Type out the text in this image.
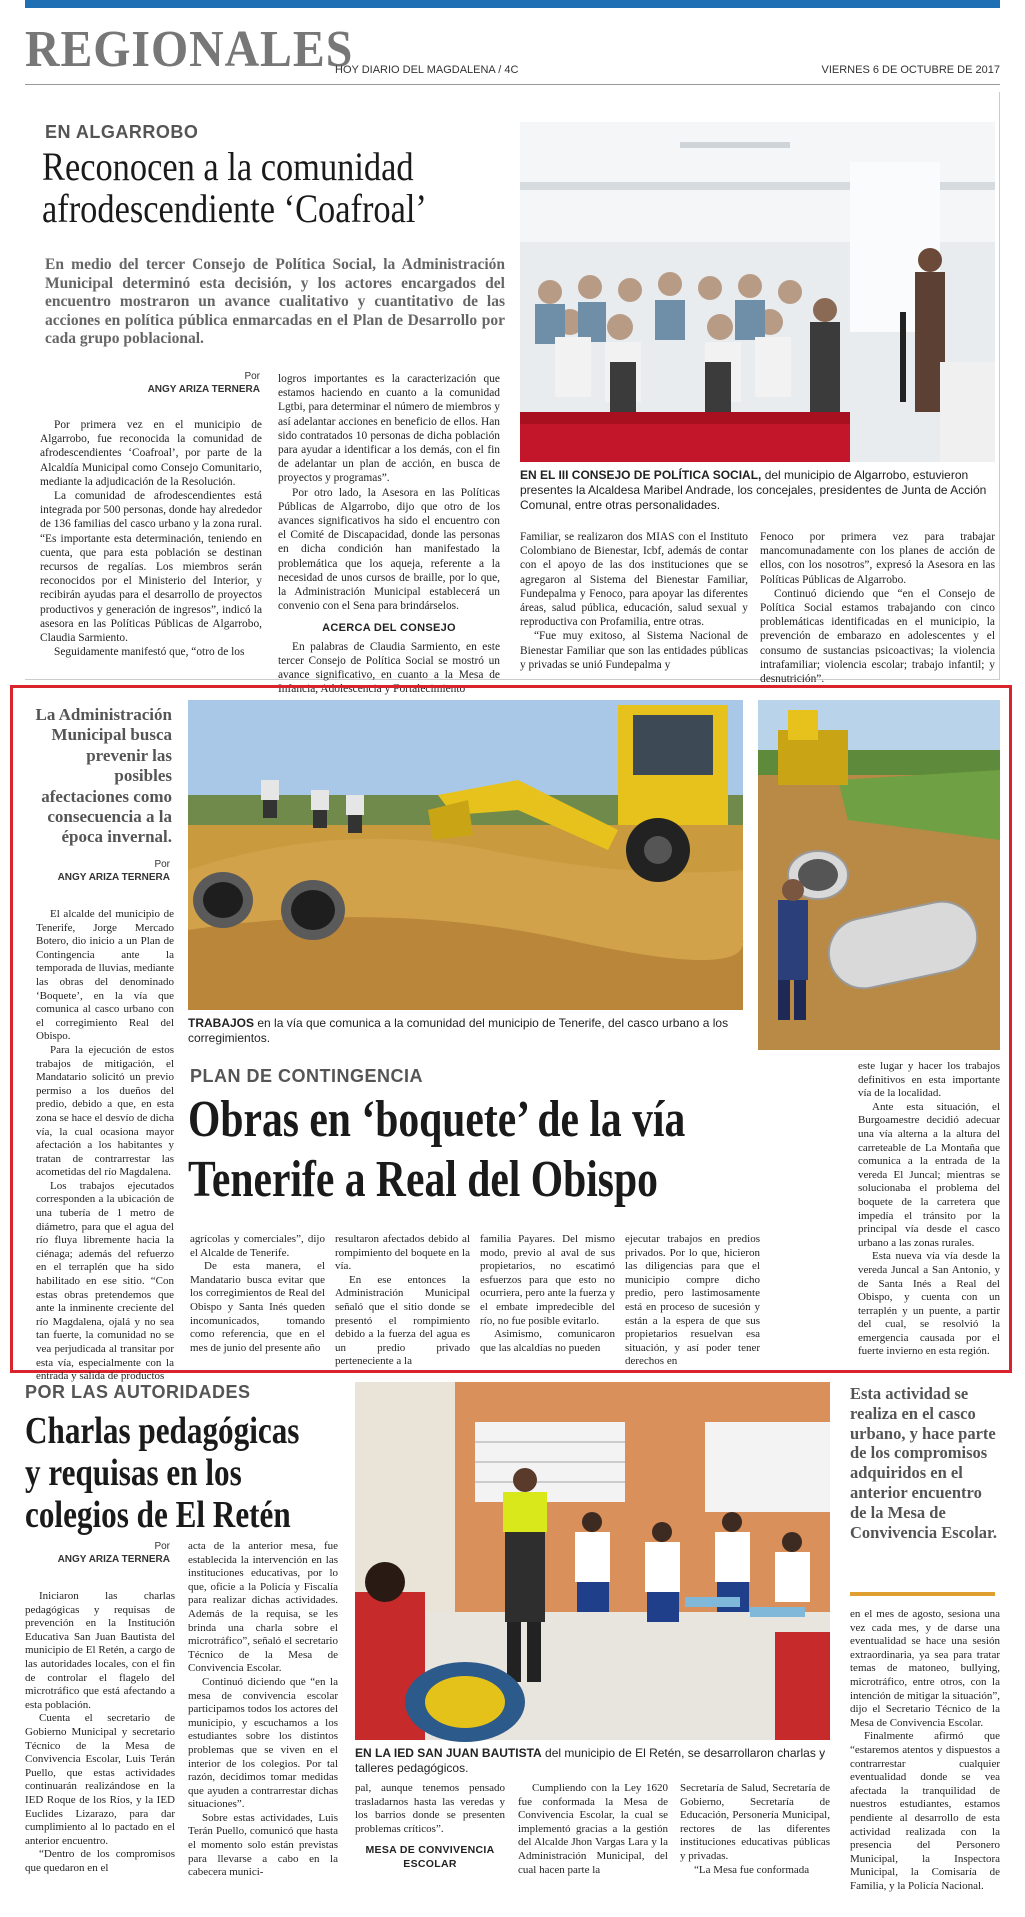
REGIONALES
HOY DIARIO DEL MAGDALENA / 4C	VIERNES 6 DE OCTUBRE DE 2017
EN ALGARROBO
Reconocen a la comunidad
afrodescendiente ‘Coafroal’
En medio del tercer Consejo de Política Social, la Administración Municipal determinó esta decisión, y los actores encargados del encuentro mostraron un avance cualitativo y cuantitativo de las acciones en política pública enmarcadas en el Plan de Desarrollo por cada grupo poblacional.
Por
ANGY ARIZA TERNERA

Por primera vez en el municipio de Algarrobo, fue reconocida la comunidad de afrodescendientes ‘Coafroal’, por parte de la Alcaldía Municipal como Consejo Comunitario, mediante la adjudicación de la Resolución.

La comunidad de afrodescendientes está integrada por 500 personas, donde hay alrededor de 136 familias del casco urbano y la zona rural. “Es importante esta determinación, teniendo en cuenta, que para esta población se destinan recursos de regalías. Los miembros serán reconocidos por el Ministerio del Interior, y recibirán ayudas para el desarrollo de proyectos productivos y generación de ingresos”, indicó la asesora en las Políticas Públicas de Algarrobo, Claudia Sarmiento.

Seguidamente manifestó que, “otro de los

logros importantes es la caracterización que estamos haciendo en cuanto a la comunidad Lgtbi, para determinar el número de miembros y así adelantar acciones en beneficio de ellos. Han sido contratados 10 personas de dicha población para ayudar a identificar a los demás, con el fin de adelantar un plan de acción, en busca de proyectos y programas”.

Por otro lado, la Asesora en las Políticas Públicas de Algarrobo, dijo que otro de los avances significativos ha sido el encuentro con el Comité de Discapacidad, donde las personas en dicha condición han manifestado la problemática que los aqueja, referente a la necesidad de unos cursos de braille, por lo que, la Administración Municipal establecerá un convenio con el Sena para brindárselos.

ACERCA DEL CONSEJO

En palabras de Claudia Sarmiento, en este tercer Consejo de Política Social se mostró un avance significativo, en cuanto a la Mesa de Infancia, Adolescencia y Fortalecimiento

EN EL III CONSEJO DE POLÍTICA SOCIAL, del municipio de Algarrobo, estuvieron presentes la Alcaldesa Maribel Andrade, los concejales, presidentes de Junta de Acción Comunal, entre otras personalidades.

Familiar, se realizaron dos MIAS con el Instituto Colombiano de Bienestar, Icbf, además de contar con el apoyo de las dos instituciones que se agregaron al Sistema del Bienestar Familiar, Fundepalma y Fenoco, para apoyar las diferentes áreas, salud pública, educación, salud sexual y reproductiva con Profamilia, entre otras.

“Fue muy exitoso, al Sistema Nacional de Bienestar Familiar que son las entidades públicas y privadas se unió Fundepalma y

Fenoco por primera vez para trabajar mancomunadamente con los planes de acción de ellos, con los nosotros”, expresó la Asesora en las Políticas Públicas de Algarrobo.

Continuó diciendo que “en el Consejo de Política Social estamos trabajando con cinco problemáticas identificadas en el municipio, la prevención de embarazo en adolescentes y el consumo de sustancias psicoactivas; la violencia intrafamiliar; violencia escolar; trabajo infantil; y desnutrición”.

La Administración Municipal busca prevenir las posibles afectaciones como consecuencia a la época invernal.
Por
ANGY ARIZA TERNERA

El alcalde del municipio de Tenerife, Jorge Mercado Botero, dio inicio a un Plan de Contingencia ante la temporada de lluvias, mediante las obras del denominado ‘Boquete’, en la vía que comunica al casco urbano con el corregimiento Real del Obispo.

Para la ejecución de estos trabajos de mitigación, el Mandatario solicitó un previo permiso a los dueños del predio, debido a que, en esta zona se hace el desvío de dicha vía, la cual ocasiona mayor afectación a los habitantes y tratan de contrarrestar las acometidas del río Magdalena.

Los trabajos ejecutados corresponden a la ubicación de una tubería de 1 metro de diámetro, para que el agua del río fluya libremente hacia la ciénaga; además del refuerzo en el terraplén que ha sido habilitado en ese sitio. “Con estas obras pretendemos que ante la inminente creciente del río Magdalena, ojalá y no sea tan fuerte, la comunidad no se vea perjudicada al transitar por esta vía, especialmente con la entrada y salida de productos

TRABAJOS en la vía que comunica a la comunidad del municipio de Tenerife, del casco urbano a los corregimientos.
PLAN DE CONTINGENCIA
Obras en ‘boquete’ de la vía
Tenerife a Real del Obispo

agrícolas y comerciales”, dijo el Alcalde de Tenerife.

De esta manera, el Mandatario busca evitar que los corregimientos de Real del Obispo y Santa Inés queden incomunicados, tomando como referencia, que en el mes de junio del presente año

resultaron afectados debido al rompimiento del boquete en la vía.

En ese entonces la Administración Municipal señaló que el sitio donde se presentó el rompimiento debido a la fuerza del agua es un predio privado perteneciente a la

familia Payares. Del mismo modo, previo al aval de sus propietarios, no escatimó esfuerzos para que esto no ocurriera, pero ante la fuerza y el embate impredecible del río, no fue posible evitarlo.

Asimismo, comunicaron que las alcaldías no pueden

ejecutar trabajos en predios privados. Por lo que, hicieron las diligencias para que el municipio compre dicho predio, pero lastimosamente está en proceso de sucesión y están a la espera de que sus propietarios resuelvan esa situación, y así poder tener derechos en

este lugar y hacer los trabajos definitivos en esta importante vía de la localidad.

Ante esta situación, el Burgoamestre decidió adecuar una vía alterna a la altura del carreteable de La Montaña que comunica a la entrada de la vereda El Juncal; mientras se solucionaba el problema del boquete de la carretera que impedía el tránsito por la principal vía desde el casco urbano a las zonas rurales.

Esta nueva vía vía desde la vereda Juncal a San Antonio, y de Santa Inés a Real del Obispo, y cuenta con un terraplén y un puente, a partir del cual, se resolvió la emergencia causada por el fuerte invierno en esta región.

POR LAS AUTORIDADES
Charlas pedagógicas
y requisas en los
colegios de El Retén
Por
ANGY ARIZA TERNERA

Iniciaron las charlas pedagógicas y requisas de prevención en la Institución Educativa San Juan Bautista del municipio de El Retén, a cargo de las autoridades locales, con el fin de controlar el flagelo del microtráfico que está afectando a esta población.

Cuenta el secretario de Gobierno Municipal y secretario Técnico de la Mesa de Convivencia Escolar, Luis Terán Puello, que estas actividades continuarán realizándose en la IED Roque de los Ríos, y la IED Euclides Lizarazo, para dar cumplimiento al lo pactado en el anterior encuentro.

“Dentro de los compromisos que quedaron en el

acta de la anterior mesa, fue establecida la intervención en las instituciones educativas, por lo que, oficie a la Policía y Fiscalía para realizar dichas actividades. Además de la requisa, se les brinda una charla sobre el microtráfico”, señaló el secretario Técnico de la Mesa de Convivencia Escolar.

Continuó diciendo que “en la mesa de convivencia escolar participamos todos los actores del municipio, y escuchamos a los estudiantes sobre los distintos problemas que se viven en el interior de los colegios. Por tal razón, decidimos tomar medidas que ayuden a contrarrestar dichas situaciones”.

Sobre estas actividades, Luis Terán Puello, comunicó que hasta el momento solo están previstas para llevarse a cabo en la cabecera munici-

EN LA IED SAN JUAN BAUTISTA del municipio de El Retén, se desarrollaron charlas y talleres pedagógicos.

pal, aunque tenemos pensado trasladarnos hasta las veredas y los barrios donde se presenten problemas críticos”.

MESA DE CONVIVENCIA ESCOLAR

Cumpliendo con la Ley 1620 fue conformada la Mesa de Convivencia Escolar, la cual se implementó gracias a la gestión del Alcalde Jhon Vargas Lara y la Administración Municipal, del cual hacen parte la

Secretaría de Salud, Secretaría de Gobierno, Secretaría de Educación, Personería Municipal, rectores de las diferentes instituciones educativas públicas y privadas.

“La Mesa fue conformada

Esta actividad se realiza en el casco urbano, y hace parte de los compromisos adquiridos en el anterior encuentro de la Mesa de Convivencia Escolar.

en el mes de agosto, sesiona una vez cada mes, y de darse una eventualidad se hace una sesión extraordinaria, ya sea para tratar temas de matoneo, bullying, microtráfico, entre otros, con la intención de mitigar la situación”, dijo el Secretario Técnico de la Mesa de Convivencia Escolar.

Finalmente afirmó que “estaremos atentos y dispuestos a contrarrestar cualquier eventualidad donde se vea afectada la tranquilidad de nuestros estudiantes, estamos pendiente al desarrollo de esta actividad realizada con la presencia del Personero Municipal, la Inspectora Municipal, la Comisaría de Familia, y la Policía Nacional.
